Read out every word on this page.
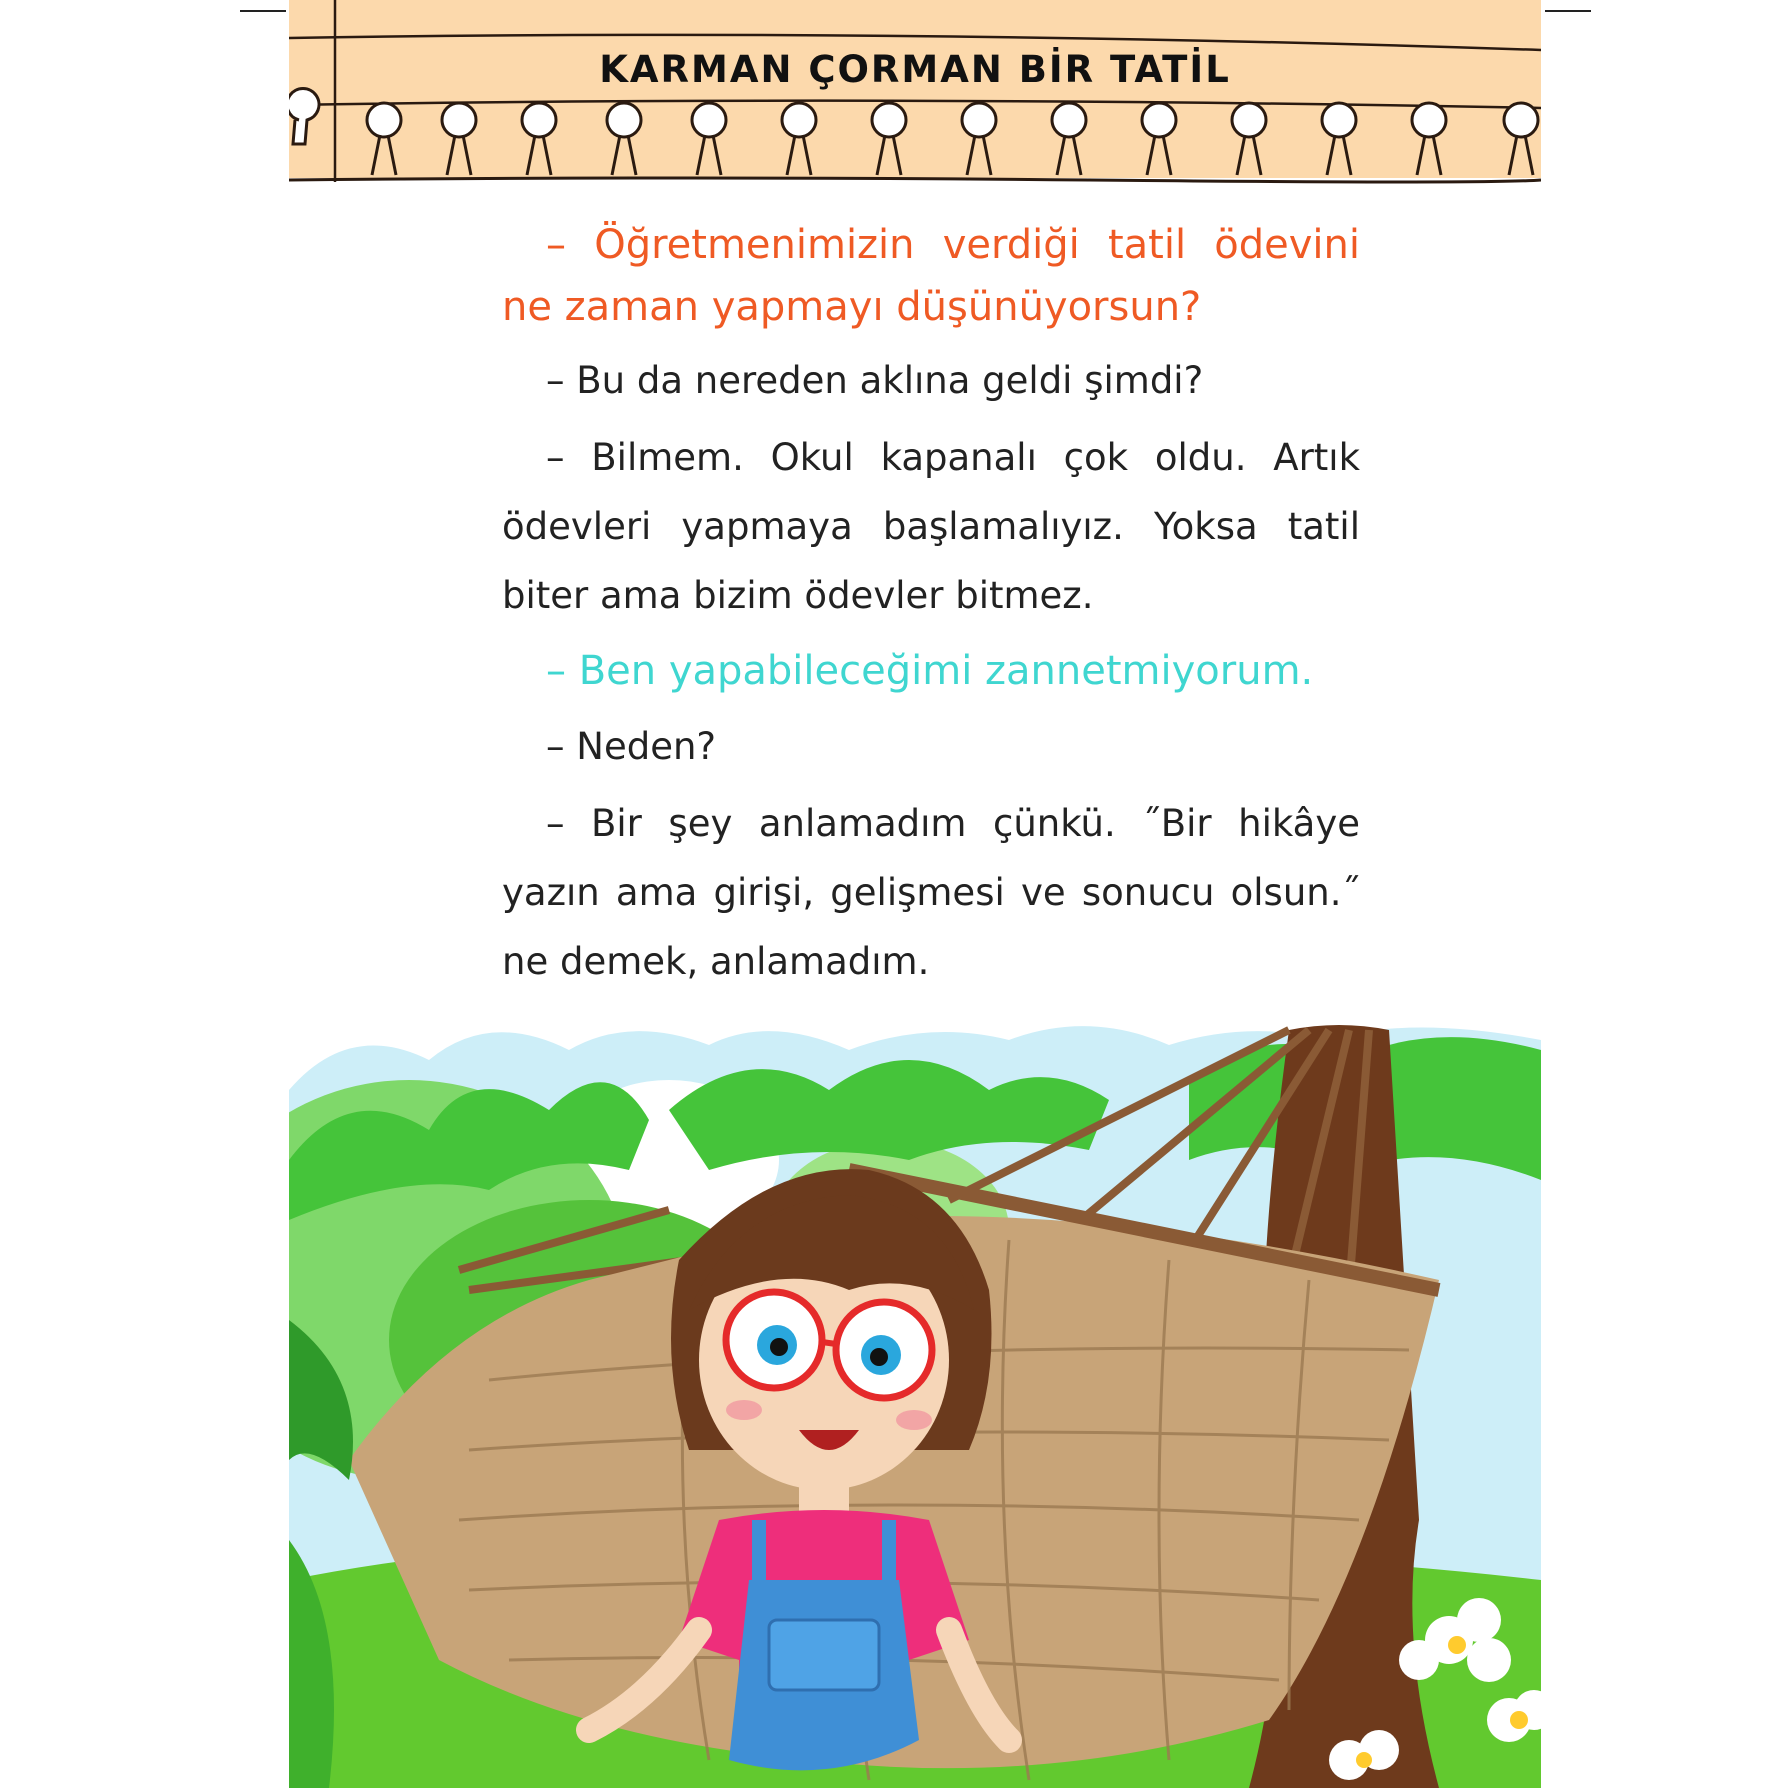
KARMAN ÇORMAN BİR TATİL

– Öğretmenimizin verdiği tatil ödevini ne zaman yapmayı düşünüyorsun?

– Bu da nereden aklına geldi şimdi?

– Bilmem. Okul kapanalı çok oldu. Artık ödevleri yapmaya başlamalıyız. Yoksa tatil biter ama bizim ödevler bitmez.

– Ben yapabileceğimi zannetmiyorum.

– Neden?

– Bir şey anlamadım çünkü. ˝Bir hikâye yazın ama girişi, gelişmesi ve sonucu olsun.˝ ne demek, anlamadım.
